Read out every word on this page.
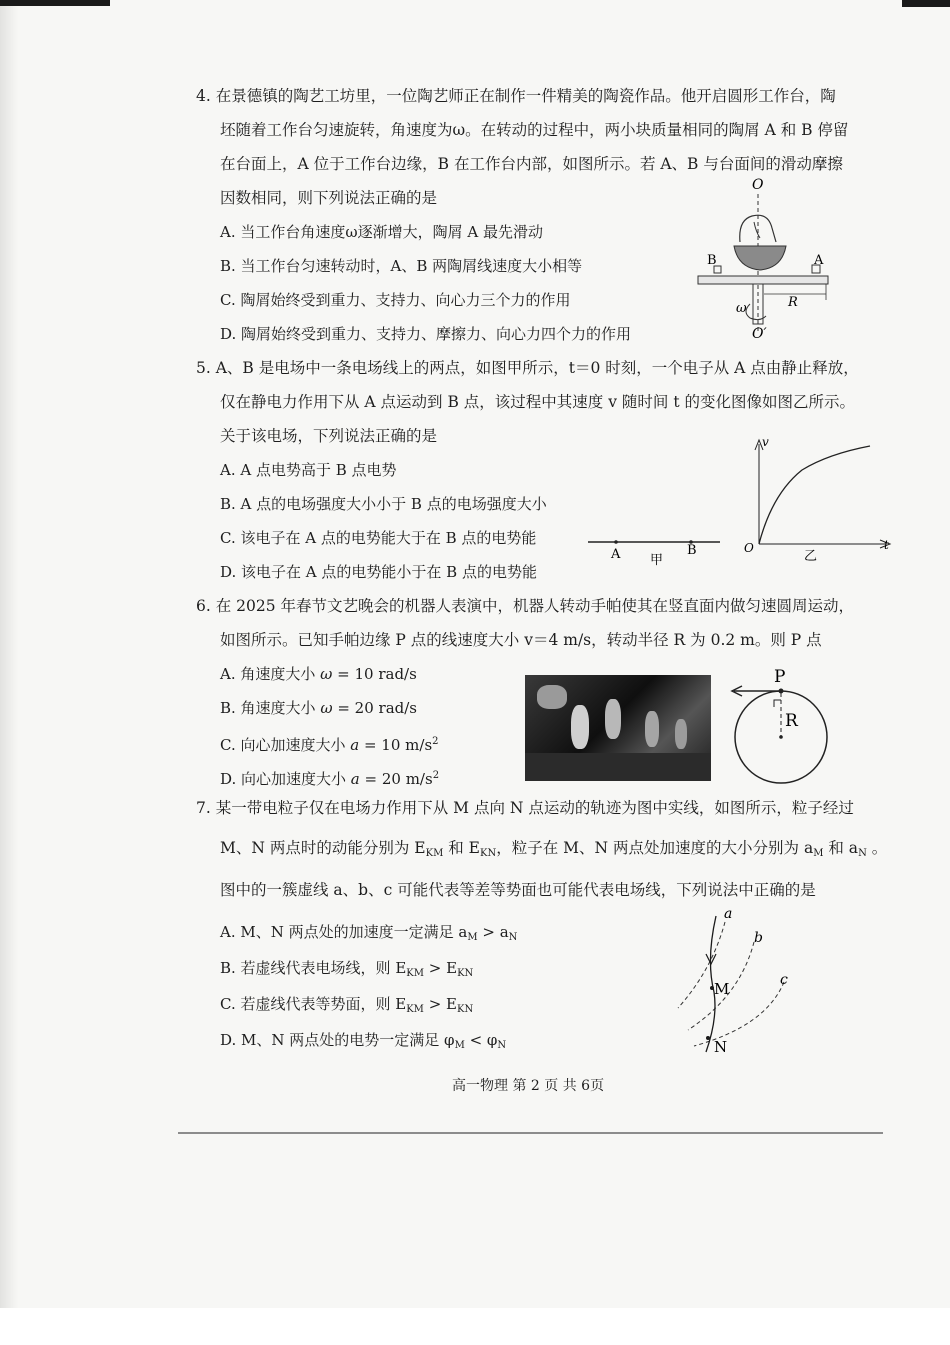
4. 在景德镇的陶艺工坊里，一位陶艺师正在制作一件精美的陶瓷作品。他开启圆形工作台，陶
坯随着工作台匀速旋转，角速度为ω。在转动的过程中，两小块质量相同的陶屑 A 和 B 停留
在台面上，A 位于工作台边缘，B 在工作台内部，如图所示。若 A、B 与台面间的滑动摩擦
因数相同，则下列说法正确的是
A. 当工作台角速度ω逐渐增大，陶屑 A 最先滑动
B. 当工作台匀速转动时，A、B 两陶屑线速度大小相等
C. 陶屑始终受到重力、支持力、向心力三个力的作用
D. 陶屑始终受到重力、支持力、摩擦力、向心力四个力的作用
O
B	A
R
ω
O′
5. A、B 是电场中一条电场线上的两点，如图甲所示，t＝0 时刻，一个电子从 A 点由静止释放，
仅在静电力作用下从 A 点运动到 B 点，该过程中其速度 v 随时间 t 的变化图像如图乙所示。
关于该电场，下列说法正确的是
A. A 点电势高于 B 点电势
B. A 点的电场强度大小小于 B 点的电场强度大小
C. 该电子在 A 点的电势能大于在 B 点的电势能
D. 该电子在 A 点的电势能小于在 B 点的电势能
A	B
甲
v
t
O
乙
6. 在 2025 年春节文艺晚会的机器人表演中，机器人转动手帕使其在竖直面内做匀速圆周运动，
如图所示。已知手帕边缘 P 点的线速度大小 v＝4 m/s，转动半径 R 为 0.2 m。则 P 点
A. 角速度大小 ω = 10 rad/s
B. 角速度大小 ω = 20 rad/s
C. 向心加速度大小 a = 10 $m/s^2$
D. 向心加速度大小 a = 20 $m/s^2$
P
R
7. 某一带电粒子仅在电场力作用下从 M 点向 N 点运动的轨迹为图中实线，如图所示，粒子经过
M、N 两点时的动能分别为 $E_{KM}$ 和 $E_{KN}$，粒子在 M、N 两点处加速度的大小分别为 $a_M$ 和 $a_N$ 。
图中的一簇虚线 a、b、c 可能代表等差等势面也可能代表电场线，下列说法中正确的是
A. M、N 两点处的加速度一定满足 $a_M > a_N$
B. 若虚线代表电场线，则 $E_{KM} > E_{KN}$
C. 若虚线代表等势面，则 $E_{KM} > E_{KN}$
D. M、N 两点处的电势一定满足 $\varphi_M < \varphi_N$
a
b
c
M
N
高一物理 第 2 页 共 6页
